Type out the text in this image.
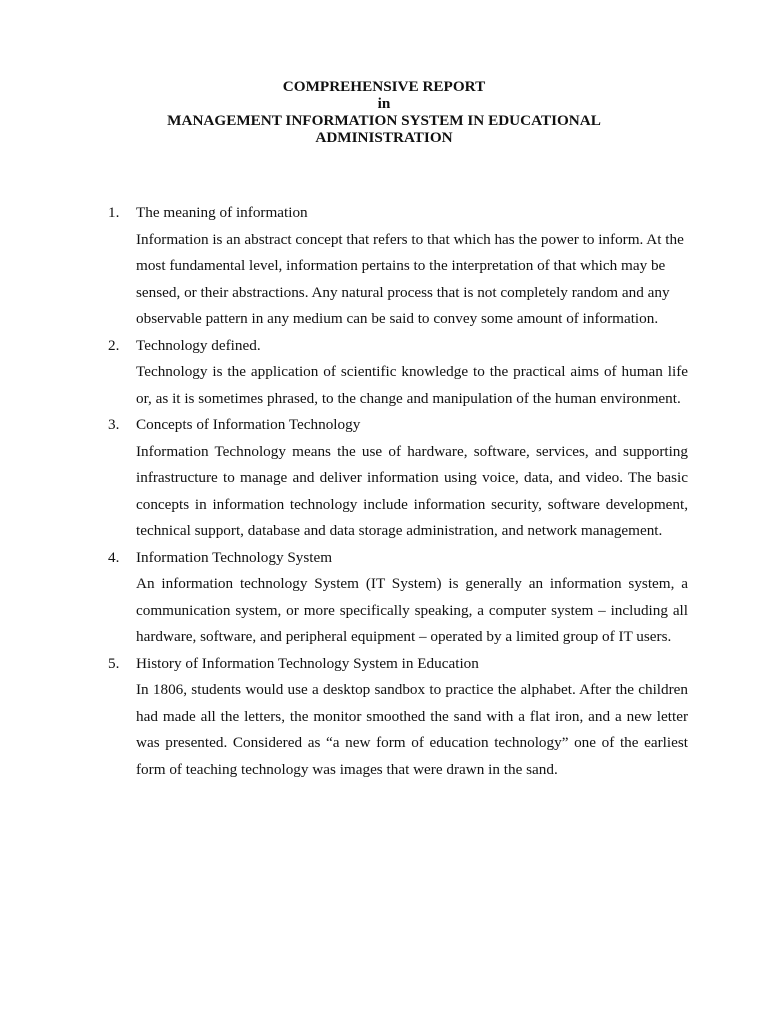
COMPREHENSIVE REPORT
in
MANAGEMENT INFORMATION SYSTEM IN EDUCATIONAL
ADMINISTRATION
1.	The meaning of information
Information is an abstract concept that refers to that which has the power to inform. At the most fundamental level, information pertains to the interpretation of that which may be sensed, or their abstractions. Any natural process that is not completely random and any observable pattern in any medium can be said to convey some amount of information.
2.	Technology defined.
Technology is the application of scientific knowledge to the practical aims of human life or, as it is sometimes phrased, to the change and manipulation of the human environment.
3.	Concepts of Information Technology
Information Technology means the use of hardware, software, services, and supporting infrastructure to manage and deliver information using voice, data, and video. The basic concepts in information technology include information security, software development, technical support, database and data storage administration, and network management.
4.	Information Technology System
An information technology System (IT System) is generally an information system, a communication system, or more specifically speaking, a computer system – including all hardware, software, and peripheral equipment – operated by a limited group of IT users.
5.	History of Information Technology System in Education
In 1806, students would use a desktop sandbox to practice the alphabet. After the children had made all the letters, the monitor smoothed the sand with a flat iron, and a new letter was presented. Considered as “a new form of education technology” one of the earliest form of teaching technology was images that were drawn in the sand.
